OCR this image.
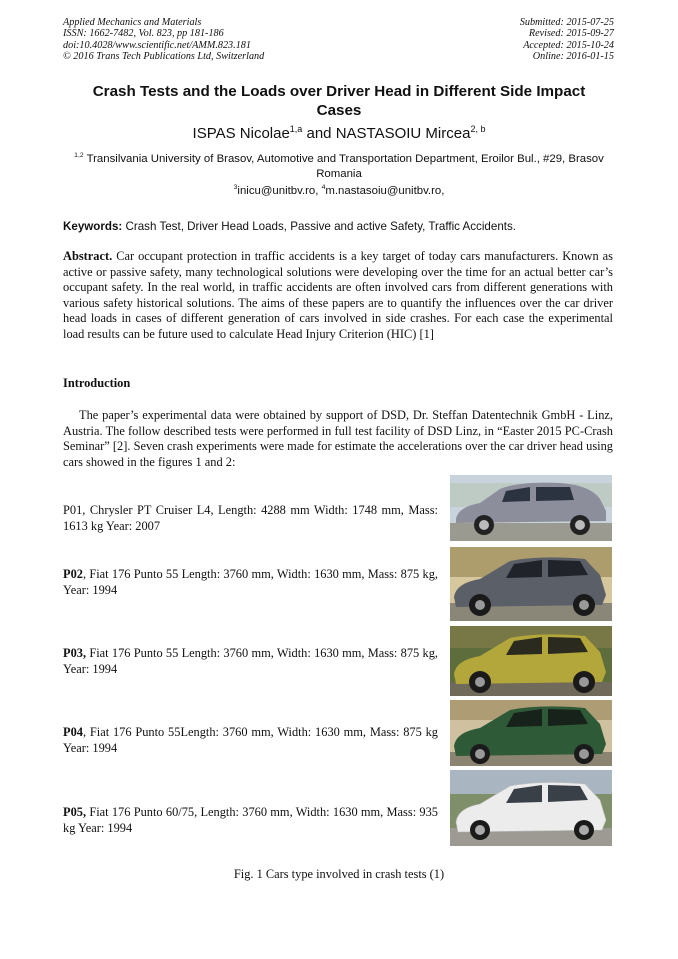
Applied Mechanics and Materials
ISSN: 1662-7482, Vol. 823, pp 181-186
doi:10.4028/www.scientific.net/AMM.823.181
© 2016 Trans Tech Publications Ltd, Switzerland
Submitted: 2015-07-25
Revised: 2015-09-27
Accepted: 2015-10-24
Online: 2016-01-15
Crash Tests and the Loads over Driver Head in Different Side Impact Cases
ISPAS Nicolae$^{1,a}$ and NASTASOIU Mircea$^{2, b}$
$^{1,2}$ Transilvania University of Brasov, Automotive and Transportation Department, Eroilor Bul., #29, Brasov Romania
$^3$inicu@unitbv.ro, $^4$m.nastasoiu@unitbv.ro,
Keywords: Crash Test, Driver Head Loads, Passive and active Safety, Traffic Accidents.
Abstract. Car occupant protection in traffic accidents is a key target of today cars manufacturers. Known as active or passive safety, many technological solutions were developing over the time for an actual better car’s occupant safety. In the real world, in traffic accidents are often involved cars from different generations with various safety historical solutions. The aims of these papers are to quantify the influences over the car driver head loads in cases of different generation of cars involved in side crashes. For each case the experimental load results can be future used to calculate Head Injury Criterion (HIC) [1]
Introduction
The paper’s experimental data were obtained by support of DSD, Dr. Steffan Datentechnik GmbH - Linz, Austria. The follow described tests were performed in full test facility of DSD Linz, in “Easter 2015 PC-Crash Seminar” [2]. Seven crash experiments were made for estimate the accelerations over the car driver head using cars showed in the figures 1 and 2:
P01, Chrysler PT Cruiser L4, Length: 4288 mm Width: 1748 mm, Mass: 1613 kg Year: 2007
P02, Fiat 176 Punto 55 Length: 3760 mm, Width: 1630 mm, Mass: 875 kg, Year: 1994
P03, Fiat 176 Punto 55 Length: 3760 mm, Width: 1630 mm, Mass: 875 kg, Year: 1994
P04, Fiat 176 Punto 55Length: 3760 mm, Width: 1630 mm, Mass: 875 kg Year: 1994
P05, Fiat 176 Punto 60/75, Length: 3760 mm, Width: 1630 mm, Mass: 935 kg Year: 1994
Fig. 1 Cars type involved in crash tests (1)
